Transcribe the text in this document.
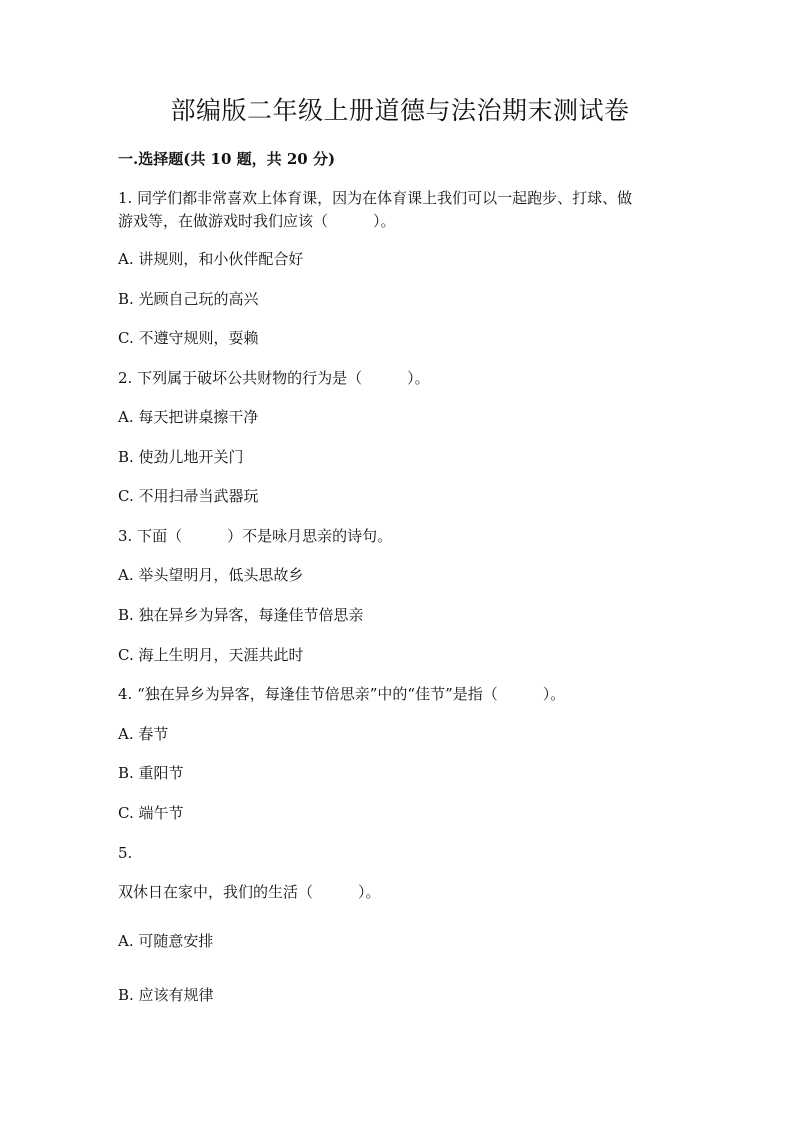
部编版二年级上册道德与法治期末测试卷
一.选择题(共 10 题，共 20 分)
1. 同学们都非常喜欢上体育课，因为在体育课上我们可以一起跑步、打球、做
游戏等，在做游戏时我们应该（　　　）。
A. 讲规则，和小伙伴配合好
B. 光顾自己玩的高兴
C. 不遵守规则，耍赖
2. 下列属于破坏公共财物的行为是（　　　）。
A. 每天把讲桌擦干净
B. 使劲儿地开关门
C. 不用扫帚当武器玩
3. 下面（　　　）不是咏月思亲的诗句。
A. 举头望明月，低头思故乡
B. 独在异乡为异客，每逢佳节倍思亲
C. 海上生明月，天涯共此时
4. “独在异乡为异客，每逢佳节倍思亲”中的“佳节”是指（　　　）。
A. 春节
B. 重阳节
C. 端午节
5.
双休日在家中，我们的生活（　　　）。
A. 可随意安排
B. 应该有规律
